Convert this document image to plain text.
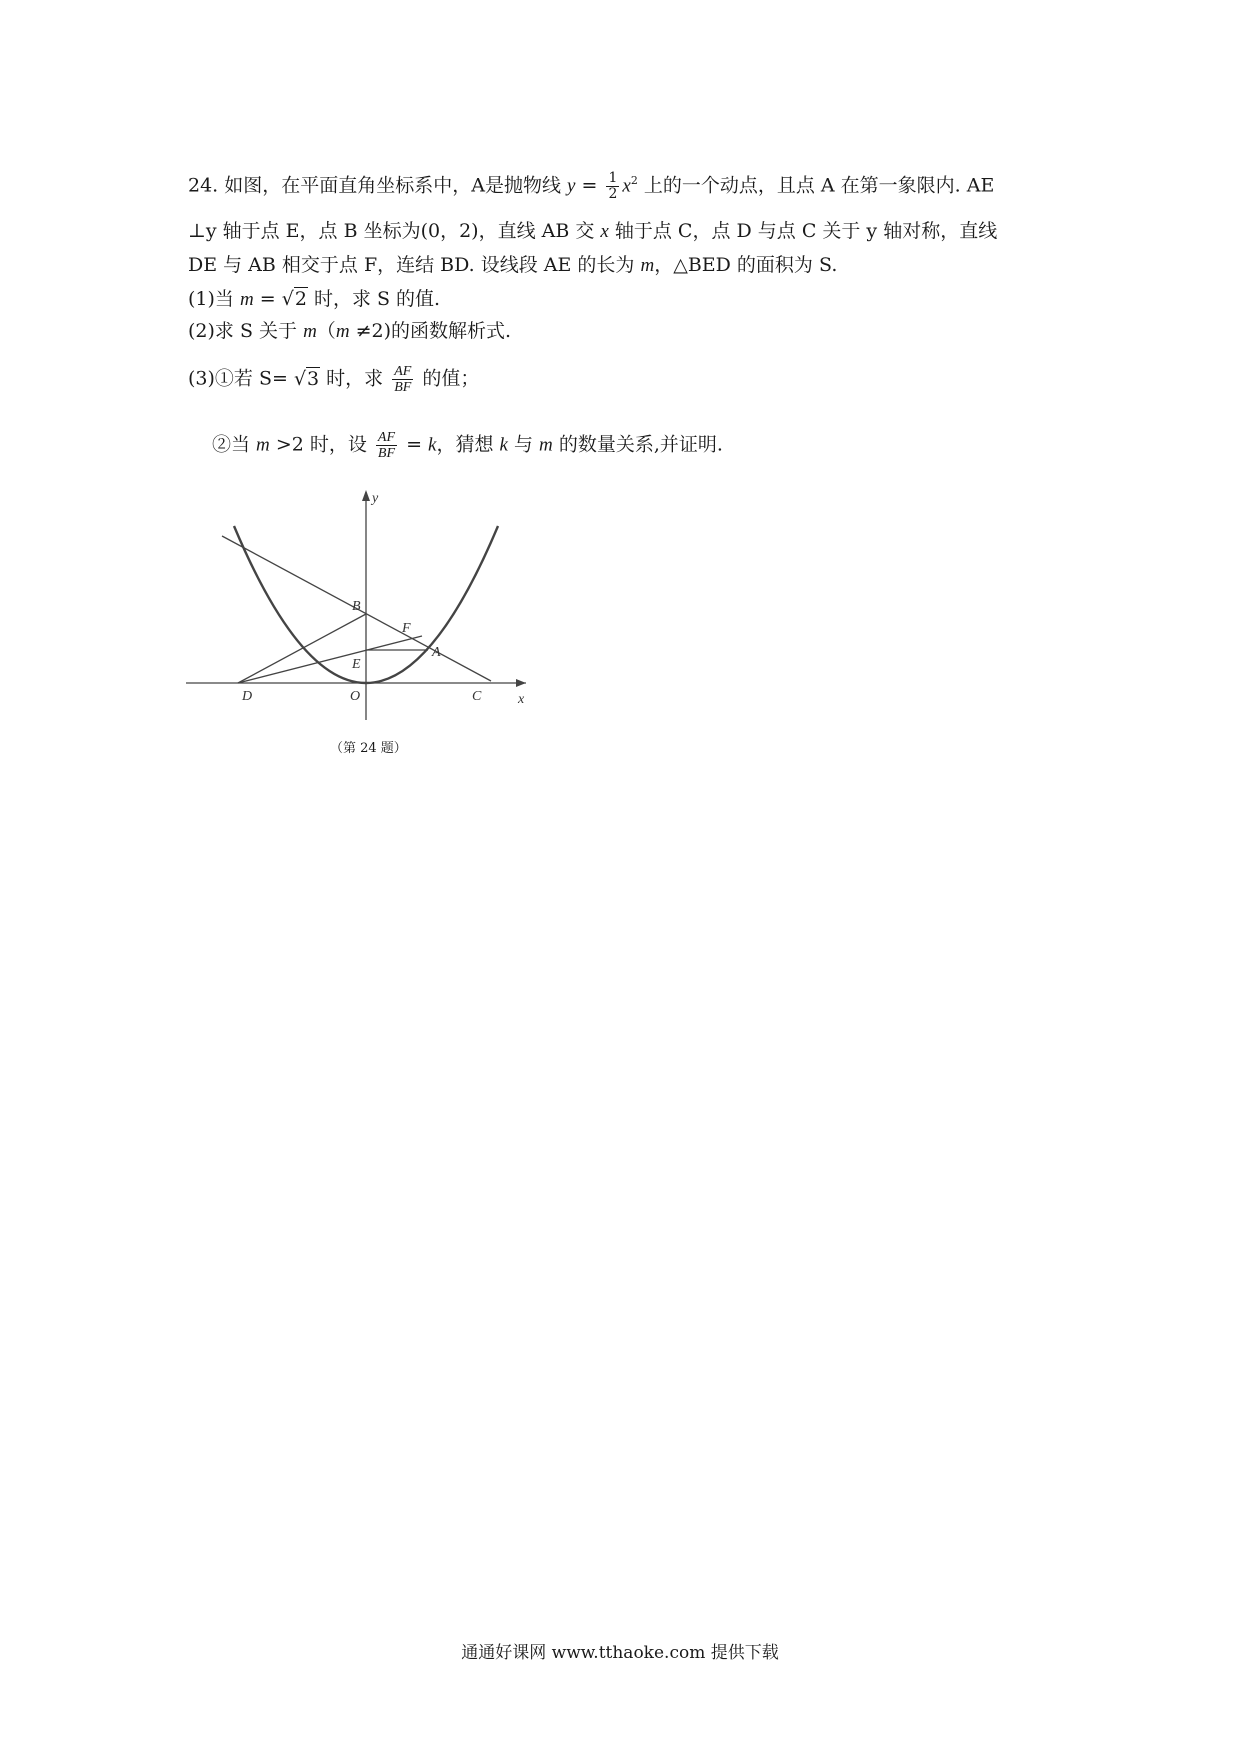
24. 如图，在平面直角坐标系中，A是抛物线 $y = \frac{1}{2} x^2$ 上的一个动点，且点 A 在第一象限内. AE
⊥y 轴于点 E，点 B 坐标为(0，2)，直线 AB 交 x 轴于点 C，点 D 与点 C 关于 y 轴对称，直线
DE 与 AB 相交于点 F，连结 BD. 设线段 AE 的长为 m，△BED 的面积为 S.
(1)当 m = √2 时，求 S 的值.
(2)求 S 关于 m（m ≠2)的函数解析式.
(3)①若 S= √3 时，求 $\frac{AF}{BF}$ 的值；
②当 m >2 时，设 $\frac{AF}{BF} = k$，猜想 k 与 m 的数量关系,并证明.
y
x
B
F
A
E
D	O	C
（第 24 题）
通通好课网 www.tthaoke.com 提供下载
